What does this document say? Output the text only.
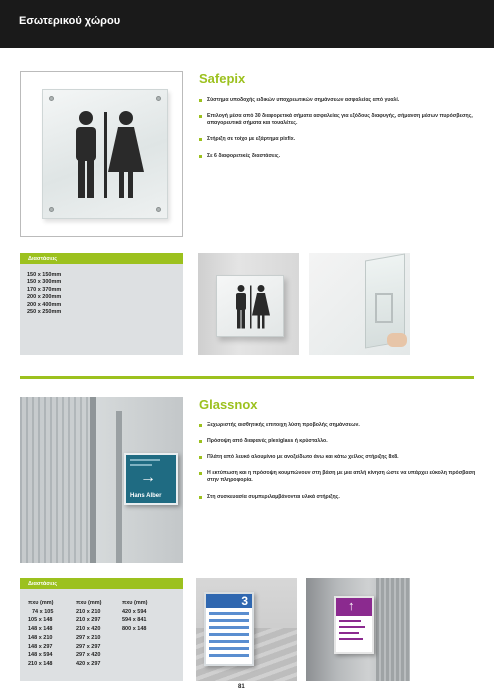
Εσωτερικού χώρου
Safepix
Σύστημα υποδοχής ειδικών υποχρεωτικών σημάνσεων ασφαλείας από γυαλί.
Επιλογή μέσα από 30 διαφορετικά σήματα ασφαλείας για εξόδους διαφυγής, σήμανση μέσων πυρόσβεσης, απαγορευτικά σήματα και τουαλέτες.
Στήριξη σε τοίχο με εξάρτημα pixfix.
Σε 6 διαφορετικές διαστάσεις.
Διαστάσεις
150 x 150mm
150 x 300mm
170 x 370mm
200 x 200mm
200 x 400mm
250 x 250mm
→
Hans Alber
Glassnox
Ξεχωριστής αισθητικής επιτοιχη λύση προβολής σημάνσεων.
Πρόσοψη από διαφανές plexiglass ή κρύσταλλο.
Πλάτη από λευκό αλουμίνιο με ανοξείδωτο άνω και κάτω χείλος στήριξης 8x8.
Η εκτύπωση και η πρόσοψη κουμπώνουν στη βάση με μια απλή κίνηση ώστε να υπάρχει εύκολη πρόσβαση στην πληροφορία.
Στη συσκευασία συμπεριλαμβάνονται υλικά στήριξης.
Διαστάσεις
πxυ (mm)
74 x 105
105 x 148
148 x 148
148 x 210
148 x 297
148 x 594
210 x 148
πxυ (mm)
210 x 210
210 x 297
210 x 420
297 x 210
297 x 297
297 x 420
420 x 297
πxυ (mm)
420 x 594
594 x 841
800 x 148
3	↑
81
